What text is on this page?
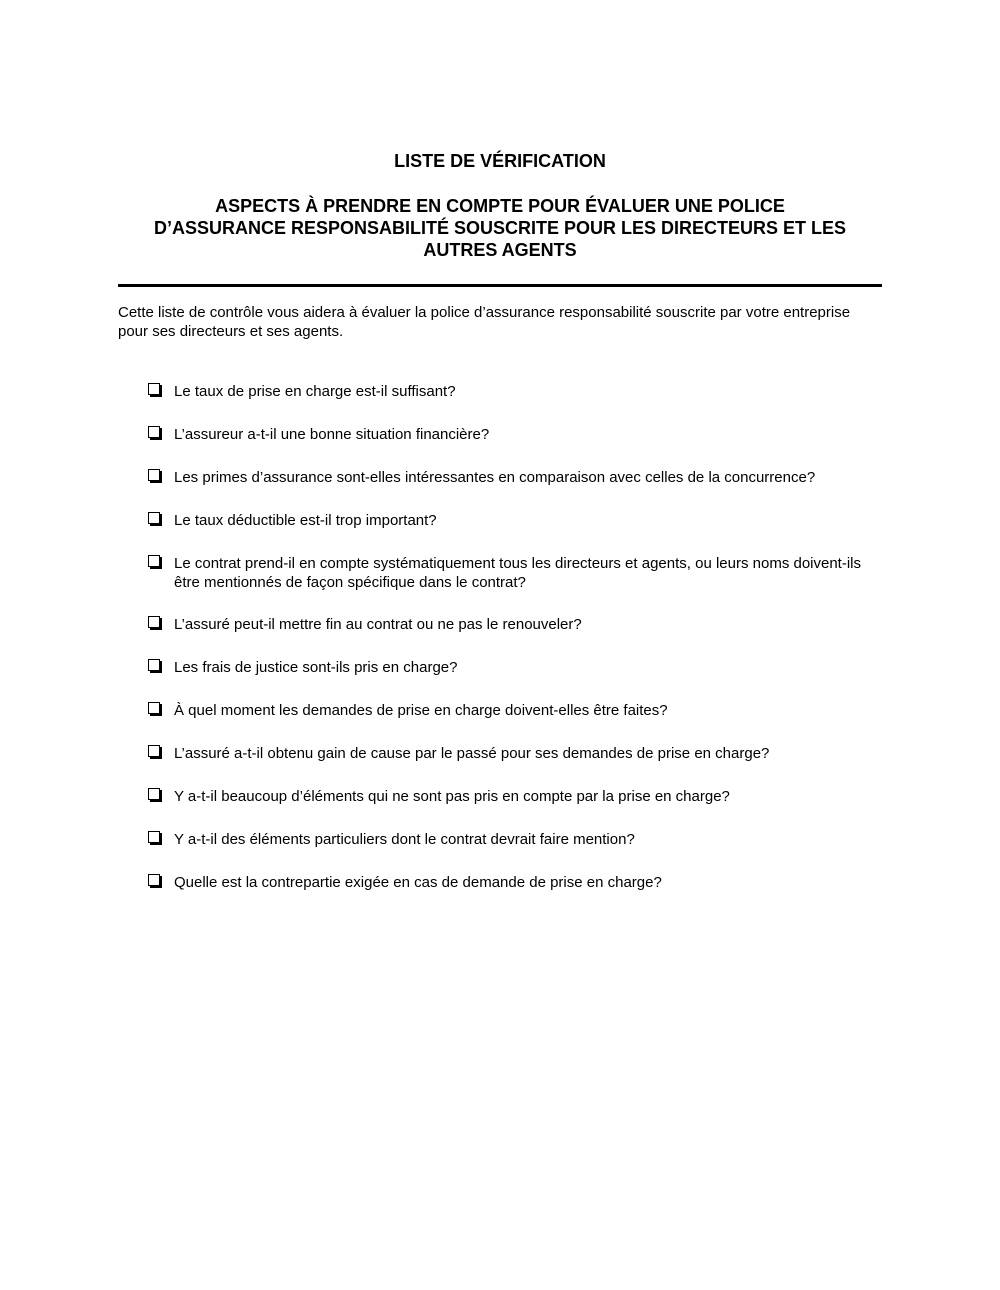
LISTE DE VÉRIFICATION
ASPECTS À PRENDRE EN COMPTE POUR ÉVALUER UNE POLICE
D’ASSURANCE RESPONSABILITÉ SOUSCRITE POUR LES DIRECTEURS ET LES
AUTRES AGENTS

Cette liste de contrôle vous aidera à évaluer la police d’assurance responsabilité souscrite par votre entreprise pour ses directeurs et ses agents.

Le taux de prise en charge est-il suffisant?
L’assureur a-t-il une bonne situation financière?
Les primes d’assurance sont-elles intéressantes en comparaison avec celles de la concurrence?
Le taux déductible est-il trop important?
Le contrat prend-il en compte systématiquement tous les directeurs et agents, ou leurs noms doivent-ils être mentionnés de façon spécifique dans le contrat?
L’assuré peut-il mettre fin au contrat ou ne pas le renouveler?
Les frais de justice sont-ils pris en charge?
À quel moment les demandes de prise en charge doivent-elles être faites?
L’assuré a-t-il obtenu gain de cause par le passé pour ses demandes de prise en charge?
Y a-t-il beaucoup d’éléments qui ne sont pas pris en compte par la prise en charge?
Y a-t-il des éléments particuliers dont le contrat devrait faire mention?
Quelle est la contrepartie exigée en cas de demande de prise en charge?
